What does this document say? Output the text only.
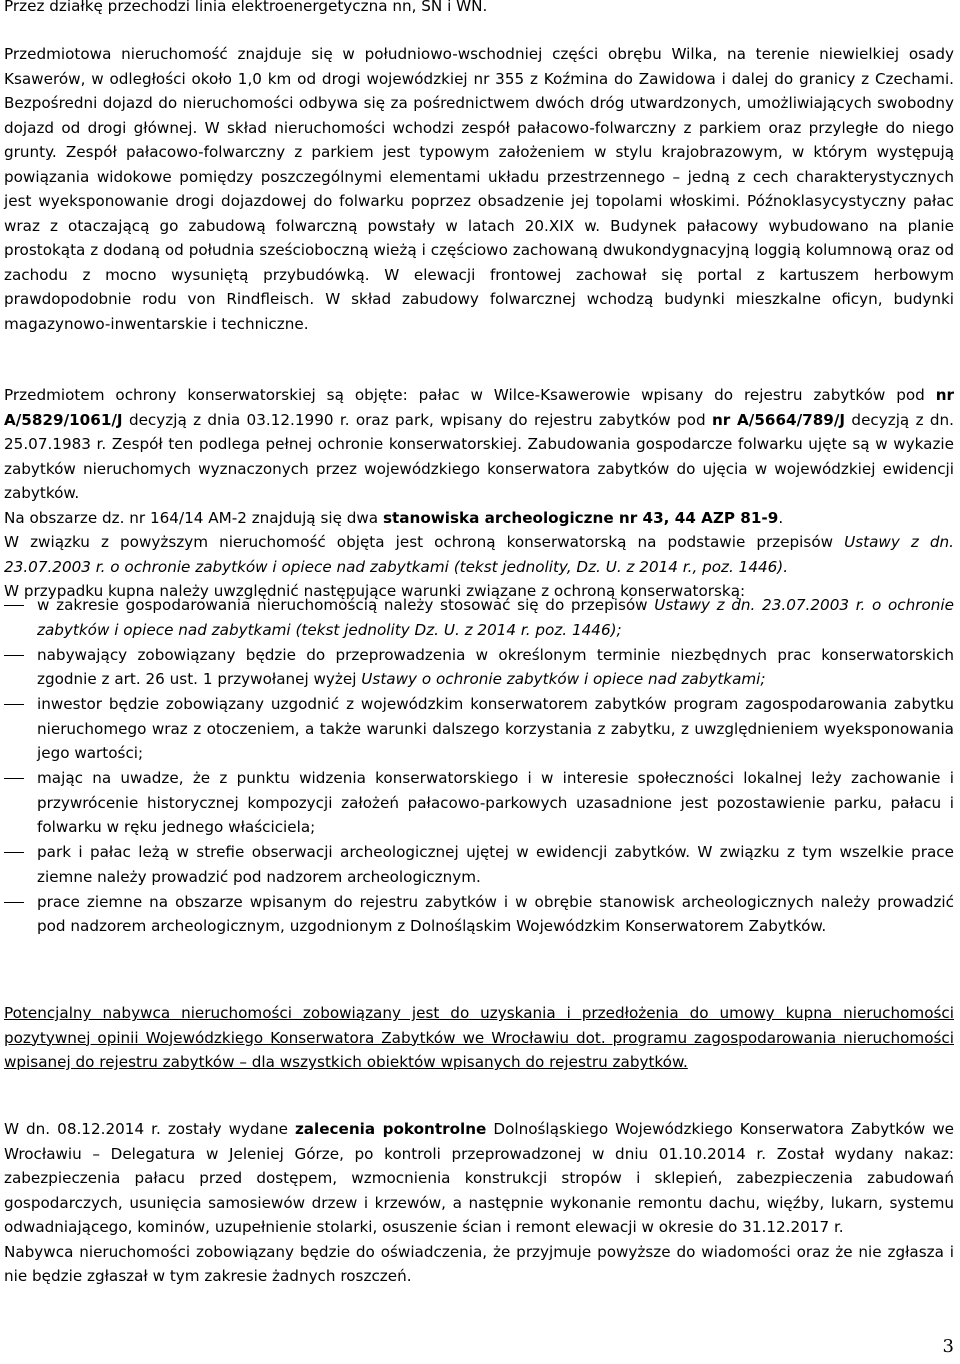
Przez działkę przechodzi linia elektroenergetyczna nn, SN i WN.

Przedmiotowa nieruchomość znajduje się w południowo-wschodniej części obrębu Wilka, na terenie niewielkiej osady Ksawerów, w odległości około 1,0 km od drogi wojewódzkiej nr 355 z Koźmina do Zawidowa i dalej do granicy z Czechami. Bezpośredni dojazd do nieruchomości odbywa się za pośrednictwem dwóch dróg utwardzonych, umożliwiających swobodny dojazd od drogi głównej. W skład nieruchomości wchodzi zespół pałacowo-folwarczny z parkiem oraz przyległe do niego grunty. Zespół pałacowo-folwarczny z parkiem jest typowym założeniem w stylu krajobrazowym, w którym występują powiązania widokowe pomiędzy poszczególnymi elementami układu przestrzennego – jedną z cech charakterystycznych jest wyeksponowanie drogi dojazdowej do folwarku poprzez obsadzenie jej topolami włoskimi. Późnoklasycystyczny pałac wraz z otaczającą go zabudową folwarczną powstały w latach 20.XIX w. Budynek pałacowy wybudowano na planie prostokąta z dodaną od południa sześcioboczną wieżą i częściowo zachowaną dwukondygnacyjną loggią kolumnową oraz od zachodu z mocno wysuniętą przybudówką. W elewacji frontowej zachował się portal z kartuszem herbowym prawdopodobnie rodu von Rindfleisch. W skład zabudowy folwarcznej wchodzą budynki mieszkalne oficyn, budynki magazynowo-inwentarskie i techniczne.

Przedmiotem ochrony konserwatorskiej są objęte: pałac w Wilce-Ksawerowie wpisany do rejestru zabytków pod nr A/5829/1061/J decyzją z dnia 03.12.1990 r. oraz park, wpisany do rejestru zabytków pod nr A/5664/789/J decyzją z dn. 25.07.1983 r. Zespół ten podlega pełnej ochronie konserwatorskiej. Zabudowania gospodarcze folwarku ujęte są w wykazie zabytków nieruchomych wyznaczonych przez wojewódzkiego konserwatora zabytków do ujęcia w wojewódzkiej ewidencji zabytków.
Na obszarze dz. nr 164/14 AM-2 znajdują się dwa stanowiska archeologiczne nr 43, 44 AZP 81-9.
W związku z powyższym nieruchomość objęta jest ochroną konserwatorską na podstawie przepisów Ustawy z dn. 23.07.2003 r. o ochronie zabytków i opiece nad zabytkami (tekst jednolity, Dz. U. z 2014 r., poz. 1446).
W przypadku kupna należy uwzględnić następujące warunki związane z ochroną konserwatorską:

w zakresie gospodarowania nieruchomością należy stosować się do przepisów Ustawy z dn. 23.07.2003 r. o ochronie zabytków i opiece nad zabytkami (tekst jednolity Dz. U. z 2014 r. poz. 1446);
nabywający zobowiązany będzie do przeprowadzenia w określonym terminie niezbędnych prac konserwatorskich zgodnie z art. 26 ust. 1 przywołanej wyżej Ustawy o ochronie zabytków i opiece nad zabytkami;
inwestor będzie zobowiązany uzgodnić z wojewódzkim konserwatorem zabytków program zagospodarowania zabytku nieruchomego wraz z otoczeniem, a także warunki dalszego korzystania z zabytku, z uwzględnieniem wyeksponowania jego wartości;
mając na uwadze, że z punktu widzenia konserwatorskiego i w interesie społeczności lokalnej leży zachowanie i przywrócenie historycznej kompozycji założeń pałacowo-parkowych uzasadnione jest pozostawienie parku, pałacu i folwarku w ręku jednego właściciela;
park i pałac leżą w strefie obserwacji archeologicznej ujętej w ewidencji zabytków. W związku z tym wszelkie prace ziemne należy prowadzić pod nadzorem archeologicznym.
prace ziemne na obszarze wpisanym do rejestru zabytków i w obrębie stanowisk archeologicznych należy prowadzić pod nadzorem archeologicznym, uzgodnionym z Dolnośląskim Wojewódzkim Konserwatorem Zabytków.

Potencjalny nabywca nieruchomości zobowiązany jest do uzyskania i przedłożenia do umowy kupna nieruchomości pozytywnej opinii Wojewódzkiego Konserwatora Zabytków we Wrocławiu dot. programu zagospodarowania nieruchomości wpisanej do rejestru zabytków – dla wszystkich obiektów wpisanych do rejestru zabytków.

W dn. 08.12.2014 r. zostały wydane zalecenia pokontrolne Dolnośląskiego Wojewódzkiego Konserwatora Zabytków we Wrocławiu – Delegatura w Jeleniej Górze, po kontroli przeprowadzonej w dniu 01.10.2014 r. Został wydany nakaz: zabezpieczenia pałacu przed dostępem, wzmocnienia konstrukcji stropów i sklepień, zabezpieczenia zabudowań gospodarczych, usunięcia samosiewów drzew i krzewów, a następnie wykonanie remontu dachu, więźby, lukarn, systemu odwadniającego, kominów, uzupełnienie stolarki, osuszenie ścian i remont elewacji w okresie do 31.12.2017 r.
Nabywca nieruchomości zobowiązany będzie do oświadczenia, że przyjmuje powyższe do wiadomości oraz że nie zgłasza i nie będzie zgłaszał w tym zakresie żadnych roszczeń.

3
